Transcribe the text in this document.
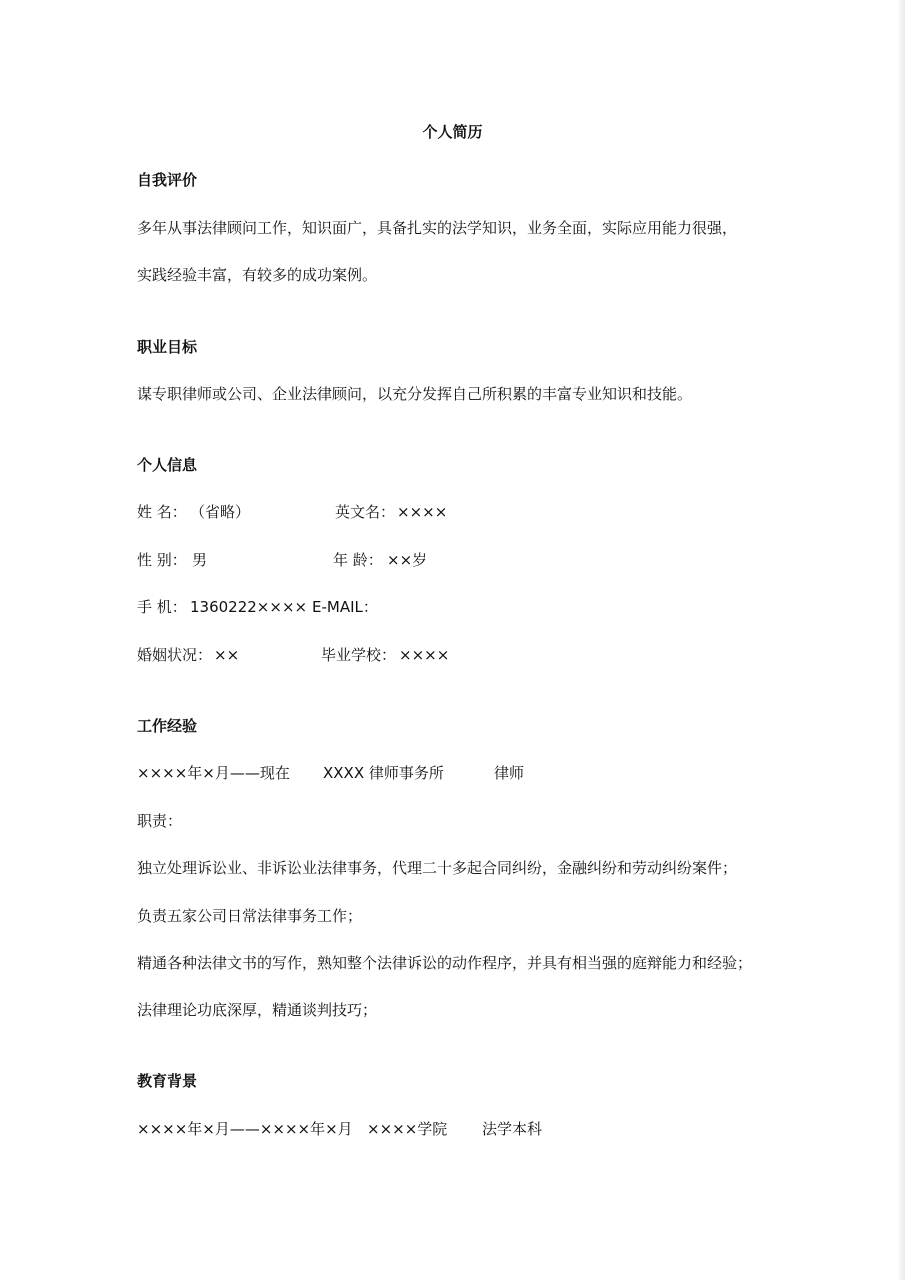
个人简历

自我评价

多年从事法律顾问工作，知识面广，具备扎实的法学知识，业务全面，实际应用能力很强，

实践经验丰富，有较多的成功案例。

职业目标

谋专职律师或公司、企业法律顾问，以充分发挥自己所积累的丰富专业知识和技能。

个人信息

姓 名： （省略）	英文名： ××××

性 别： 男	年 龄： ××岁

手 机： 1360222×××× E-MAIL：

婚姻状况： ××	毕业学校： ××××

工作经验

××××年×月——现在 XXXX 律师事务所	律师

职责：

独立处理诉讼业、非诉讼业法律事务，代理二十多起合同纠纷，金融纠纷和劳动纠纷案件；

负责五家公司日常法律事务工作；

精通各种法律文书的写作，熟知整个法律诉讼的动作程序，并具有相当强的庭辩能力和经验；

法律理论功底深厚，精通谈判技巧；

教育背景

××××年×月——××××年×月 ××××学院 法学本科
